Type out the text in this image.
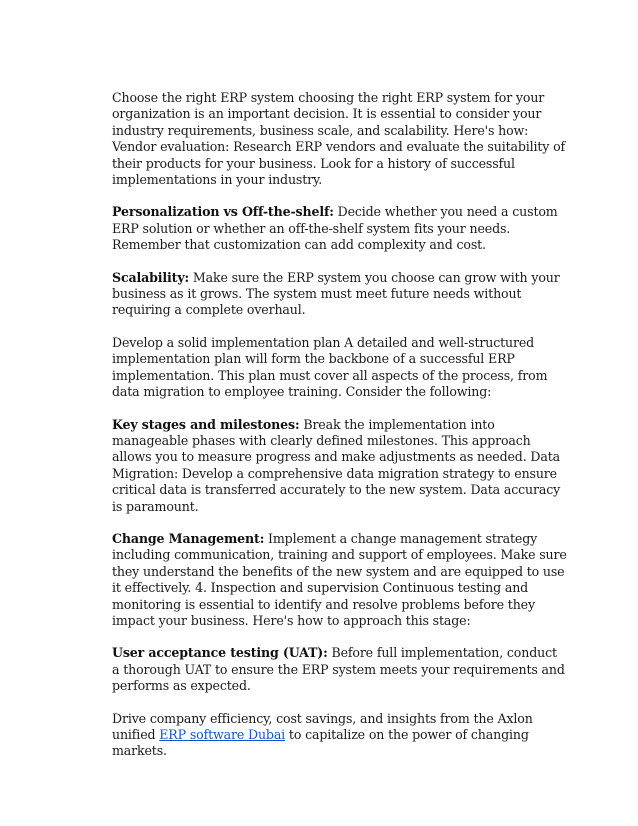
Choose the right ERP system choosing the right ERP system for your organization is an important decision. It is essential to consider your industry requirements, business scale, and scalability. Here's how: Vendor evaluation: Research ERP vendors and evaluate the suitability of their products for your business. Look for a history of successful implementations in your industry.

Personalization vs Off-the-shelf: Decide whether you need a custom ERP solution or whether an off-the-shelf system fits your needs. Remember that customization can add complexity and cost.

Scalability: Make sure the ERP system you choose can grow with your business as it grows. The system must meet future needs without requiring a complete overhaul.

Develop a solid implementation plan A detailed and well-structured implementation plan will form the backbone of a successful ERP implementation. This plan must cover all aspects of the process, from data migration to employee training. Consider the following:

Key stages and milestones: Break the implementation into manageable phases with clearly defined milestones. This approach allows you to measure progress and make adjustments as needed. Data Migration: Develop a comprehensive data migration strategy to ensure critical data is transferred accurately to the new system. Data accuracy is paramount.

Change Management: Implement a change management strategy including communication, training and support of employees. Make sure they understand the benefits of the new system and are equipped to use it effectively. 4. Inspection and supervision Continuous testing and monitoring is essential to identify and resolve problems before they impact your business. Here's how to approach this stage:

User acceptance testing (UAT): Before full implementation, conduct a thorough UAT to ensure the ERP system meets your requirements and performs as expected.

Drive company efficiency, cost savings, and insights from the Axlon unified ERP software Dubai to capitalize on the power of changing markets.
